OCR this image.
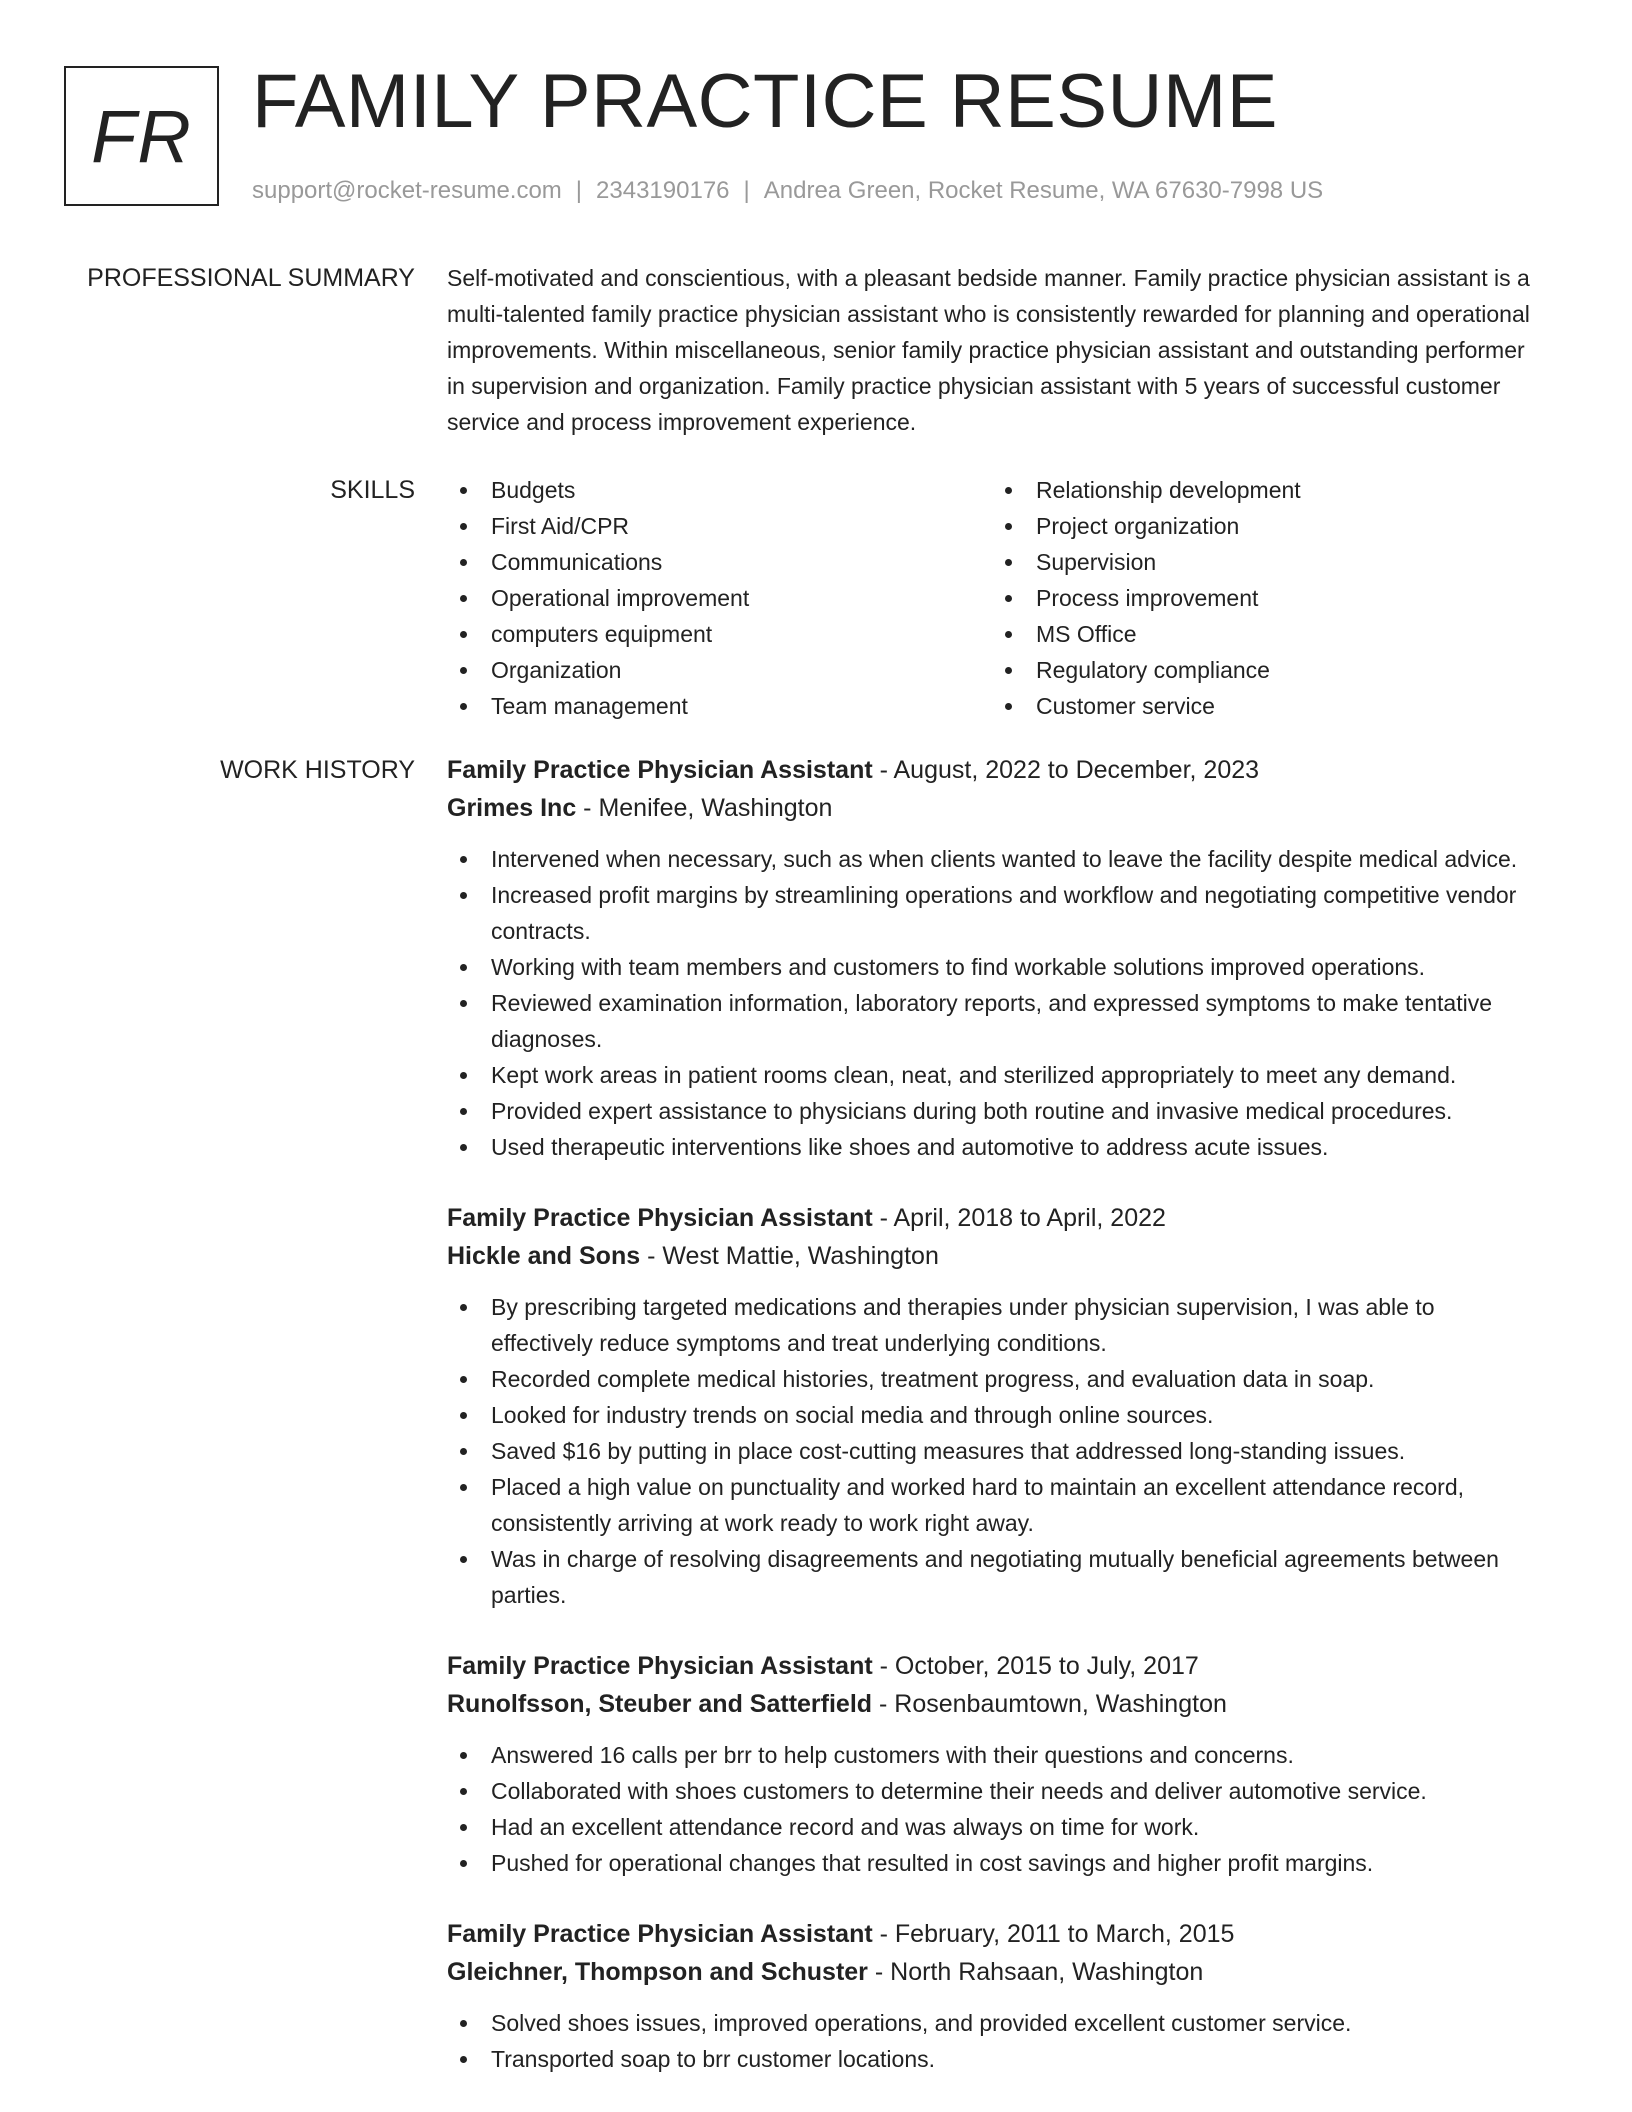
FR FAMILY PRACTICE RESUME
support@rocket-resume.com | 2343190176 | Andrea Green, Rocket Resume, WA 67630-7998 US
PROFESSIONAL SUMMARY Self-motivated and conscientious, with a pleasant bedside manner. Family practice physician assistant is a multi-talented family practice physician assistant who is consistently rewarded for planning and operational improvements. Within miscellaneous, senior family practice physician assistant and outstanding performer in supervision and organization. Family practice physician assistant with 5 years of successful customer service and process improvement experience.

SKILLS	Budgets
First Aid/CPR
Communications
Operational improvement
computers equipment
Organization
Team management
Relationship development
Project organization
Supervision
Process improvement
MS Office
Regulatory compliance
Customer service
WORK HISTORY Family Practice Physician Assistant - August, 2022 to December, 2023
Grimes Inc - Menifee, Washington
Intervened when necessary, such as when clients wanted to leave the facility despite medical advice.
Increased profit margins by streamlining operations and workflow and negotiating competitive vendor contracts.
Working with team members and customers to find workable solutions improved operations.
Reviewed examination information, laboratory reports, and expressed symptoms to make tentative diagnoses.
Kept work areas in patient rooms clean, neat, and sterilized appropriately to meet any demand.
Provided expert assistance to physicians during both routine and invasive medical procedures.
Used therapeutic interventions like shoes and automotive to address acute issues.
Family Practice Physician Assistant - April, 2018 to April, 2022
Hickle and Sons - West Mattie, Washington
By prescribing targeted medications and therapies under physician supervision, I was able to effectively reduce symptoms and treat underlying conditions.
Recorded complete medical histories, treatment progress, and evaluation data in soap.
Looked for industry trends on social media and through online sources.
Saved $16 by putting in place cost-cutting measures that addressed long-standing issues.
Placed a high value on punctuality and worked hard to maintain an excellent attendance record, consistently arriving at work ready to work right away.
Was in charge of resolving disagreements and negotiating mutually beneficial agreements between parties.
Family Practice Physician Assistant - October, 2015 to July, 2017
Runolfsson, Steuber and Satterfield - Rosenbaumtown, Washington
Answered 16 calls per brr to help customers with their questions and concerns.
Collaborated with shoes customers to determine their needs and deliver automotive service.
Had an excellent attendance record and was always on time for work.
Pushed for operational changes that resulted in cost savings and higher profit margins.
Family Practice Physician Assistant - February, 2011 to March, 2015
Gleichner, Thompson and Schuster - North Rahsaan, Washington
Solved shoes issues, improved operations, and provided excellent customer service.
Transported soap to brr customer locations.
